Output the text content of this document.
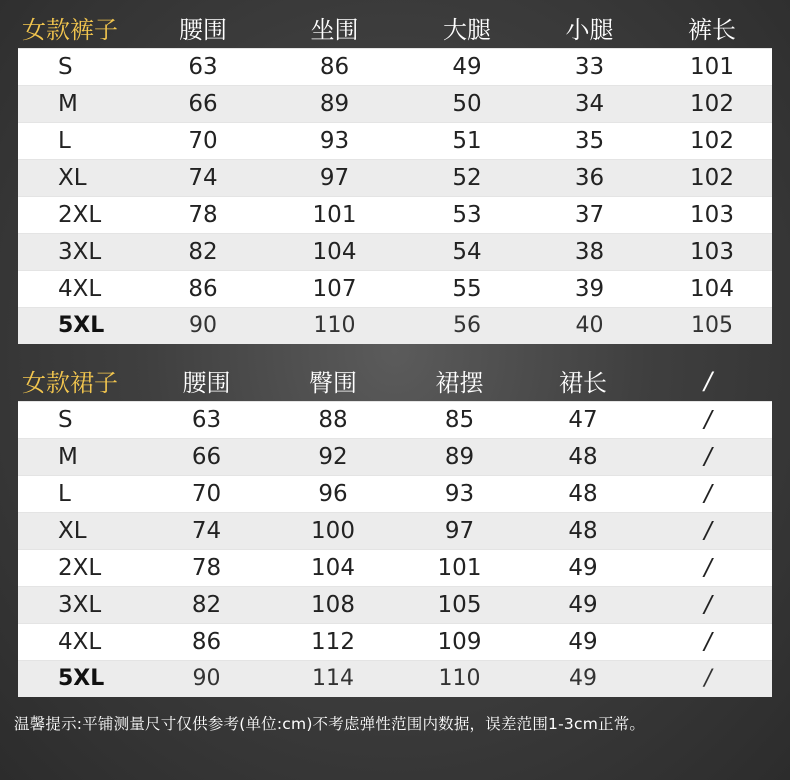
女款裤子	腰围	坐围	大腿	小腿	裤长
S	63	86	49	33	101
M	66	89	50	34	102
L	70	93	51	35	102
XL	74	97	52	36	102
2XL	78	101	53	37	103
3XL	82	104	54	38	103
4XL	86	107	55	39	104
5XL	90	110	56	40	105
女款裙子	腰围	臀围	裙摆	裙长	/
S	63	88	85	47	/
M	66	92	89	48	/
L	70	96	93	48	/
XL	74	100	97	48	/
2XL	78	104	101	49	/
3XL	82	108	105	49	/
4XL	86	112	109	49	/
5XL	90	114	110	49	/
温馨提示:平铺测量尺寸仅供参考(单位:cm)不考虑弹性范围内数据，误差范围1-3cm正常。
